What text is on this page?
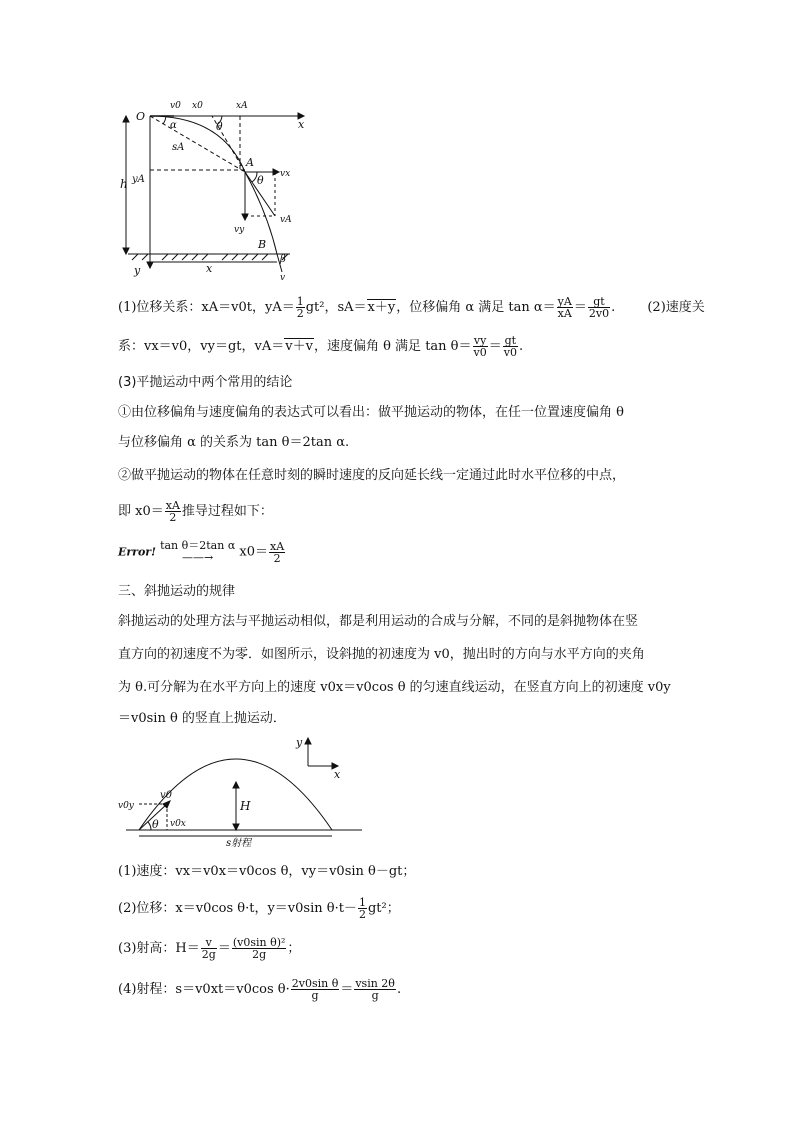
O
v0 x0	xA
x
α	θ
sA
A
vx
θ
h yA
vy
vA
B
β
y	x
v
(1)位移关系：xA＝v0t，$yA= \frac{1}{2} gt^2$，sA＝x＋y，位移偏角 α 满足 $\tan \alpha= \frac{yA}{xA} = \frac{gt}{2v0}$ . (2)速度关
系：vx＝v0，vy＝gt，vA＝v＋v，速度偏角 θ 满足 $\tan \theta= \frac{vy}{v0} = \frac{gt}{v0}$ .
(3)平抛运动中两个常用的结论
①由位移偏角与速度偏角的表达式可以看出：做平抛运动的物体，在任一位置速度偏角 θ
与位移偏角 α 的关系为 tan θ＝2tan α.
②做平抛运动的物体在任意时刻的瞬时速度的反向延长线一定通过此时水平位移的中点，
即 $x0= \frac{xA}{2}$ 推导过程如下：
Error! tan θ＝2tan α
——→	$x0= \frac{xA}{2}$
三、斜抛运动的规律
斜抛运动的处理方法与平抛运动相似，都是利用运动的合成与分解，不同的是斜抛物体在竖
直方向的初速度不为零．如图所示，设斜抛的初速度为 v0，抛出时的方向与水平方向的夹角
为 θ.可分解为在水平方向上的速度 v0x＝v0cos θ 的匀速直线运动，在竖直方向上的初速度 v0y
＝v0sin θ 的竖直上抛运动．
y
x
v0
v0y	H
θ v0x
s射程
(1)速度：vx＝v0x＝v0cos θ，vy＝v0sin θ－gt；
(2)位移：x＝v0cos θ·t，y＝v0sin $\theta\cdot t- \frac{1}{2} gt^2$；
(3)射高：$H= \frac{v}{2g} = \frac{\text{(v0sin θ)²}}{2g}$ ；
(4)射程：s＝v0xt＝v0cos $\theta\cdot \frac{\text{2v0sin θ}}{g} = \frac{vsin 2\theta}{g}$ .
